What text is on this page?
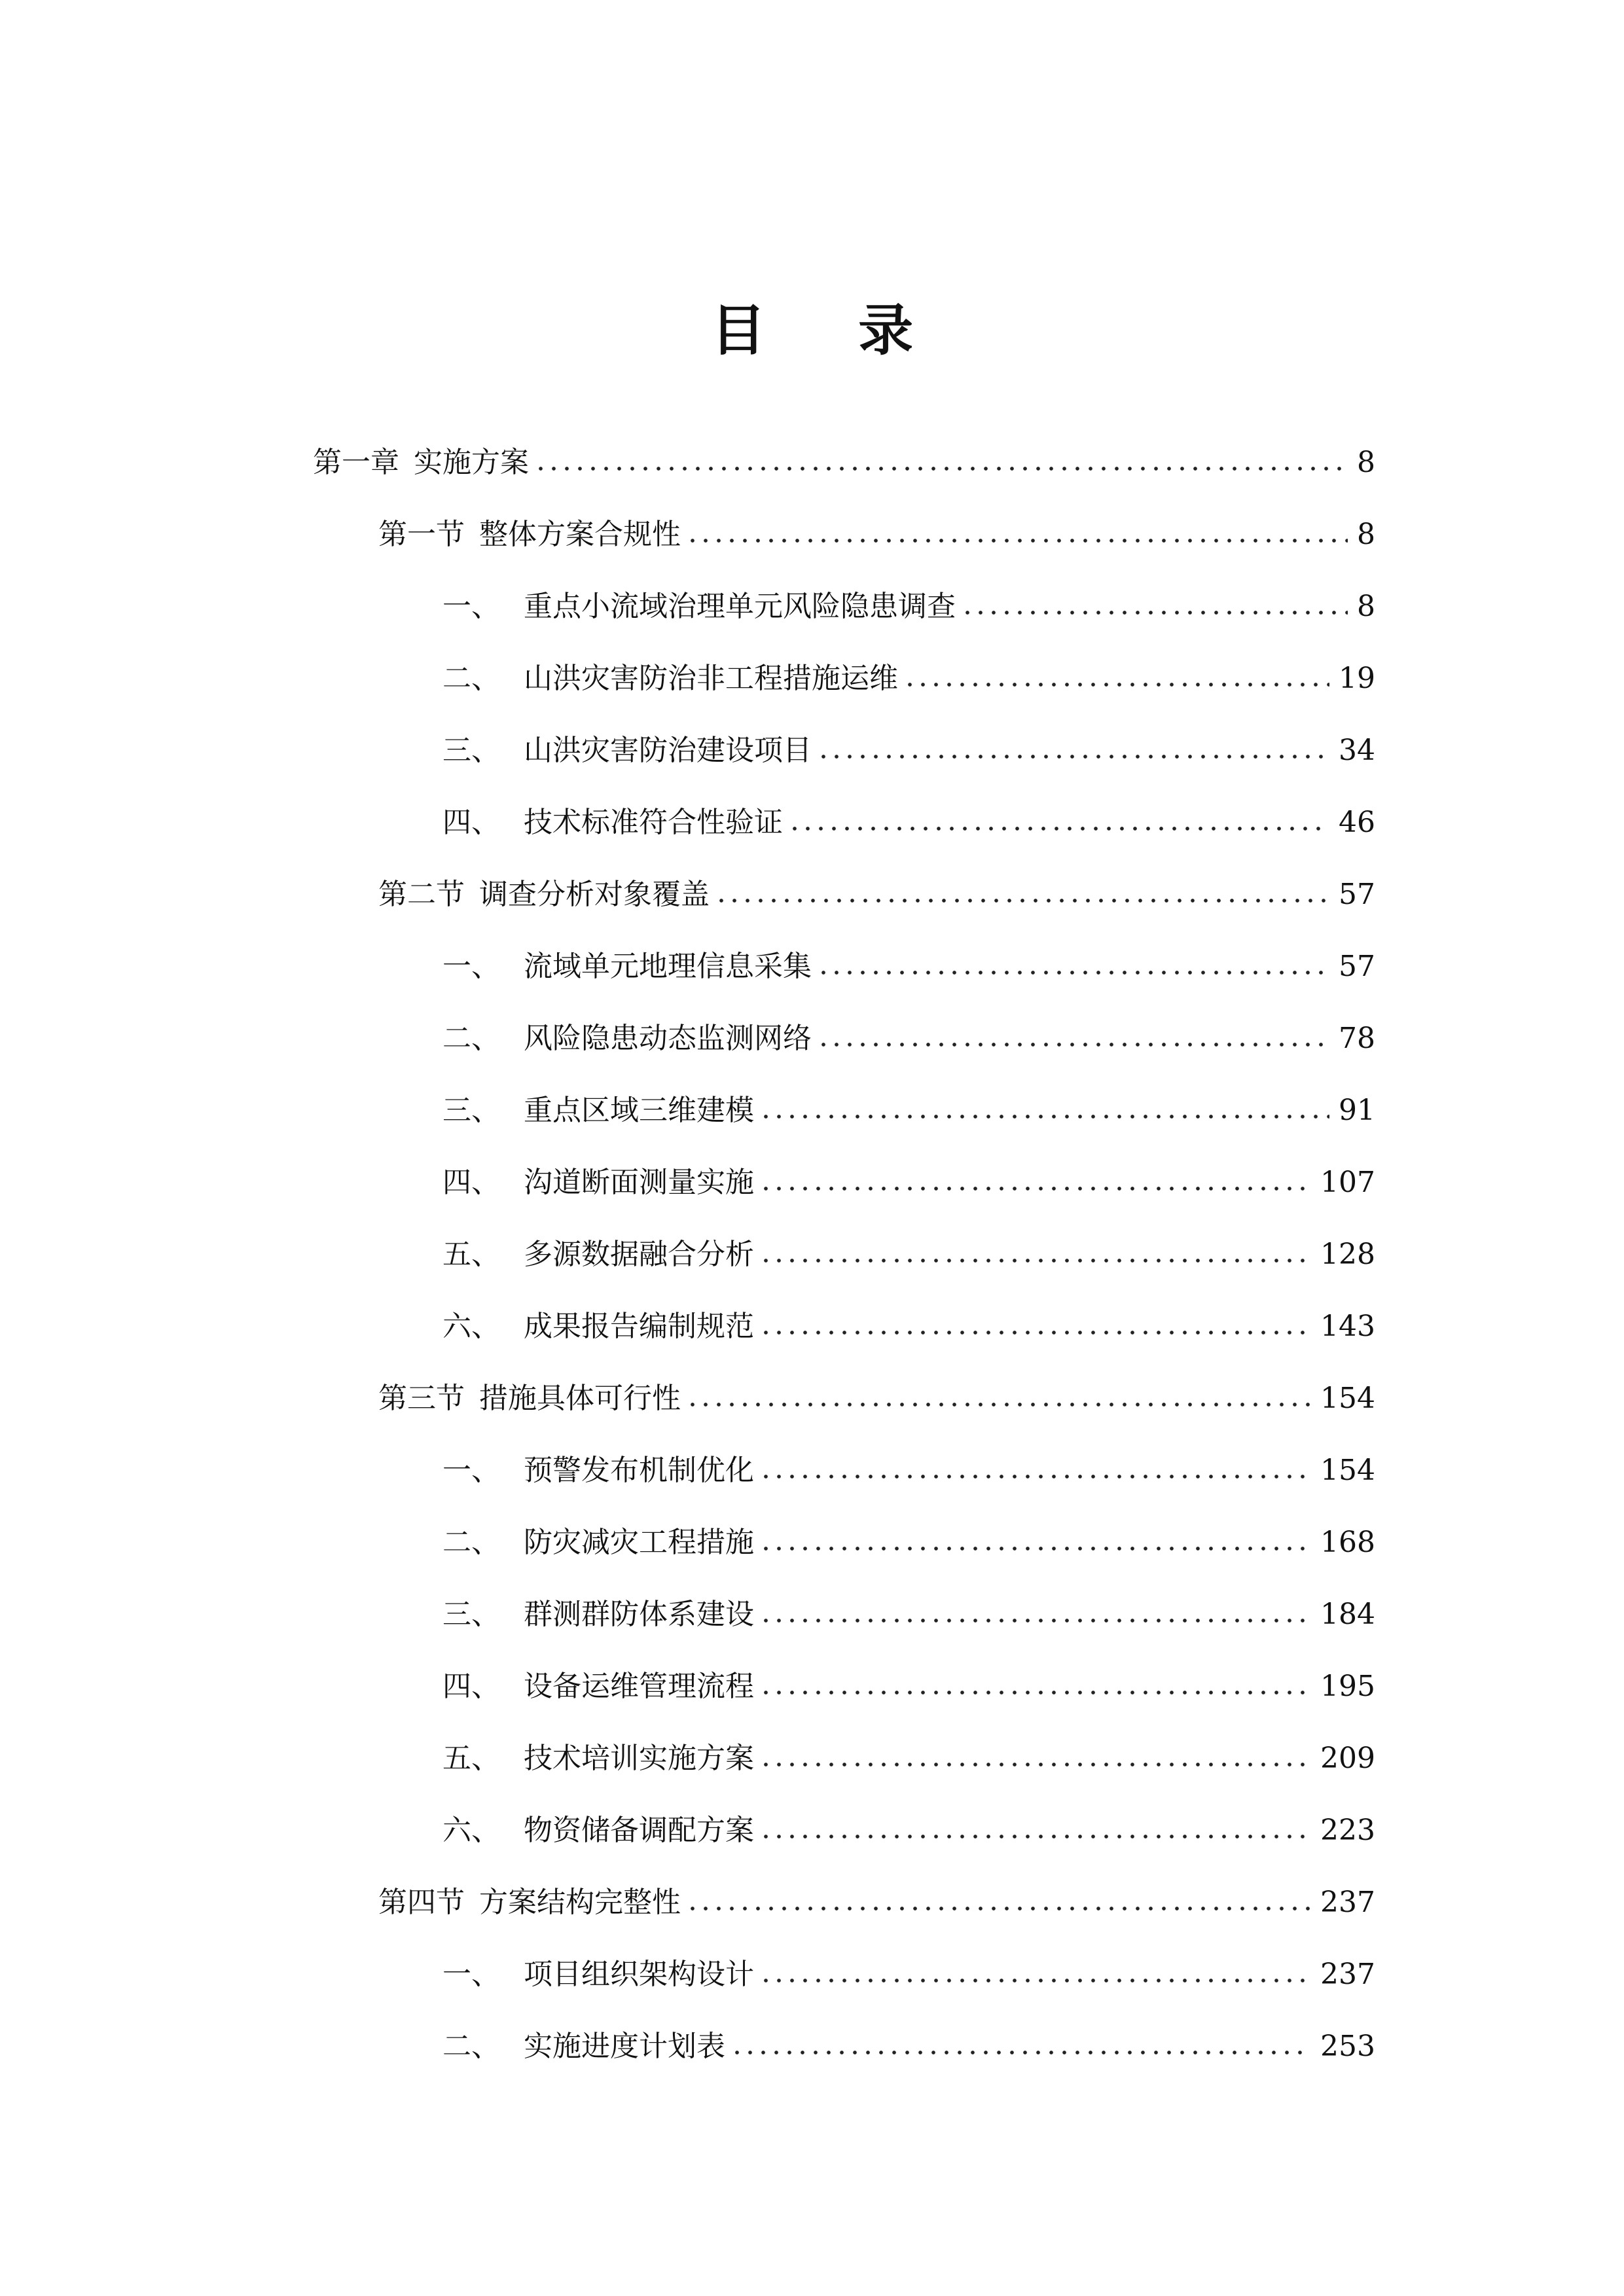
目 录
第一章 实施方案	8
第一节 整体方案合规性	8
一、 重点小流域治理单元风险隐患调查	8
二、 山洪灾害防治非工程措施运维	19
三、 山洪灾害防治建设项目	34
四、 技术标准符合性验证	46
第二节 调查分析对象覆盖	57
一、 流域单元地理信息采集	57
二、 风险隐患动态监测网络	78
三、 重点区域三维建模	91
四、 沟道断面测量实施	107
五、 多源数据融合分析	128
六、 成果报告编制规范	143
第三节 措施具体可行性	154
一、 预警发布机制优化	154
二、 防灾减灾工程措施	168
三、 群测群防体系建设	184
四、 设备运维管理流程	195
五、 技术培训实施方案	209
六、 物资储备调配方案	223
第四节 方案结构完整性	237
一、 项目组织架构设计	237
二、 实施进度计划表	253
